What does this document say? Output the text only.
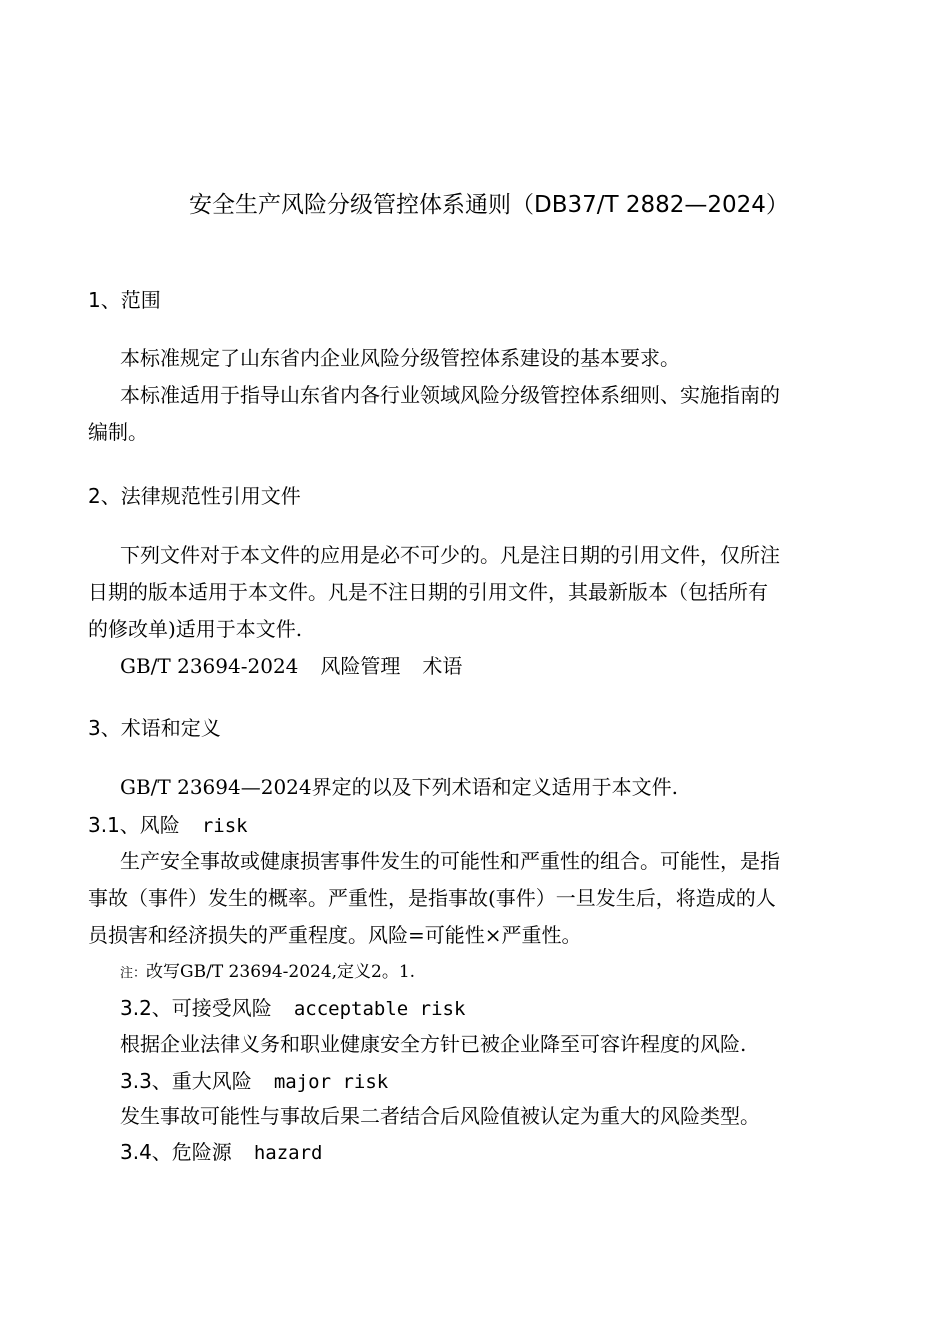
安全生产风险分级管控体系通则（DB37/T 2882—2024）
1、范围
本标准规定了山东省内企业风险分级管控体系建设的基本要求。
本标准适用于指导山东省内各行业领域风险分级管控体系细则、实施指南的
编制。
2、法律规范性引用文件
下列文件对于本文件的应用是必不可少的。凡是注日期的引用文件，仅所注
日期的版本适用于本文件。凡是不注日期的引用文件，其最新版本（包括所有
的修改单)适用于本文件.
GB/T 23694-2024 风险管理 术语
3、术语和定义
GB/T 23694—2024界定的以及下列术语和定义适用于本文件.
3.1、风险 risk
生产安全事故或健康损害事件发生的可能性和严重性的组合。可能性，是指
事故（事件）发生的概率。严重性，是指事故(事件）一旦发生后，将造成的人
员损害和经济损失的严重程度。风险=可能性×严重性。
注：改写GB/T 23694-2024,定义2。1.
3.2、可接受风险 acceptable risk
根据企业法律义务和职业健康安全方针已被企业降至可容许程度的风险.
3.3、重大风险 major risk
发生事故可能性与事故后果二者结合后风险值被认定为重大的风险类型。
3.4、危险源 hazard
